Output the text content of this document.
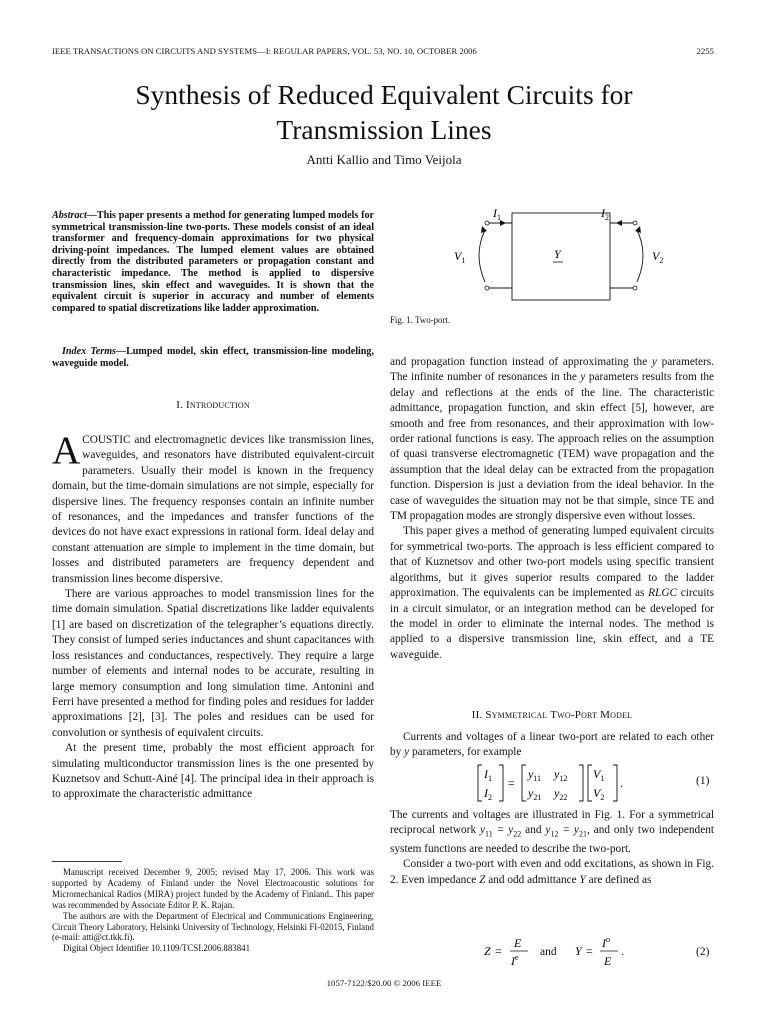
IEEE TRANSACTIONS ON CIRCUITS AND SYSTEMS—I: REGULAR PAPERS, VOL. 53, NO. 10, OCTOBER 2006	2255
Synthesis of Reduced Equivalent Circuits for
Transmission Lines
Antti Kallio and Timo Veijola
Abstract—This paper presents a method for generating lumped models for symmetrical transmission-line two-ports. These models consist of an ideal transformer and frequency-domain approximations for two physical driving-point impedances. The lumped element values are obtained directly from the distributed parameters or propagation constant and characteristic impedance. The method is applied to dispersive transmission lines, skin effect and waveguides. It is shown that the equivalent circuit is superior in accuracy and number of elements compared to spatial discretizations like ladder approximation.
Index Terms—Lumped model, skin effect, transmission-line modeling, waveguide model.
I. Introduction

ACOUSTIC and electromagnetic devices like transmission lines, waveguides, and resonators have distributed equivalent-circuit parameters. Usually their model is known in the frequency domain, but the time-domain simulations are not simple, especially for dispersive lines. The frequency responses contain an infinite number of resonances, and the impedances and transfer functions of the devices do not have exact expressions in rational form. Ideal delay and constant attenuation are simple to implement in the time domain, but losses and distributed parameters are frequency dependent and transmission lines become dispersive.

There are various approaches to model transmission lines for the time domain simulation. Spatial discretizations like ladder equivalents [1] are based on discretization of the telegrapher’s equations directly. They consist of lumped series inductances and shunt capacitances with loss resistances and conductances, respectively. They require a large number of elements and internal nodes to be accurate, resulting in large memory consumption and long simulation time. Antonini and Ferri have presented a method for finding poles and residues for ladder approximations [2], [3]. The poles and residues can be used for convolution or synthesis of equivalent circuits.

At the present time, probably the most efficient approach for simulating multiconductor transmission lines is the one presented by Kuznetsov and Schutt-Ainé [4]. The principal idea in their approach is to approximate the characteristic admittance

Manuscript received December 9, 2005; revised May 17, 2006. This work was supported by Academy of Finland under the Novel Electroacoustic solutions for Micromechanical Radios (MIRA) project funded by the Academy of Finland.. This paper was recommended by Associate Editor P. K. Rajan.

The authors are with the Department of Electrical and Communications Engineering, Circuit Theory Laboratory, Helsinki University of Technology, Helsinki FI-02015, Finland (e-mail: atti@ct.tkk.fi).

Digital Object Identifier 10.1109/TCSI.2006.883841

$I_1$	$I_2$
$V_1$	$V_2$
Y
Fig. 1. Two-port.

and propagation function instead of approximating the y parameters. The infinite number of resonances in the y parameters results from the delay and reflections at the ends of the line. The characteristic admittance, propagation function, and skin effect [5], however, are smooth and free from resonances, and their approximation with low-order rational functions is easy. The approach relies on the assumption of quasi transverse electromagnetic (TEM) wave propagation and the assumption that the ideal delay can be extracted from the propagation function. Dispersion is just a deviation from the ideal behavior. In the case of waveguides the situation may not be that simple, since TE and TM propagation modes are strongly dispersive even without losses.

This paper gives a method of generating lumped equivalent circuits for symmetrical two-ports. The approach is less efficient compared to that of Kuznetsov and other two-port models using specific transient algorithms, but it gives superior results compared to the ladder approximation. The equivalents can be implemented as RLGC circuits in a circuit simulator, or an integration method can be developed for the model in order to eliminate the internal nodes. The method is applied to a dispersive transmission line, skin effect, and a TE waveguide.

II. Symmetrical Two-Port Model

Currents and voltages of a linear two-port are related to each other by y parameters, for example

$I_1$
$I_2$
=
$y_{11}$ $y_{12}$
$y_{21}$ $y_{22}$
$V_1$
$V_2$
.	(1)

The currents and voltages are illustrated in Fig. 1. For a symmetrical reciprocal network $y_{11} = y_{22}$ and $y_{12} = y_{21}$, and only two independent system functions are needed to describe the two-port.

Consider a two-port with even and odd excitations, as shown in Fig. 2. Even impedance Z and odd admittance Y are defined as

Z =
E
Ie	Y =
$I^o$
E
.
and	(2)
1057-7122/$20.00 © 2006 IEEE
